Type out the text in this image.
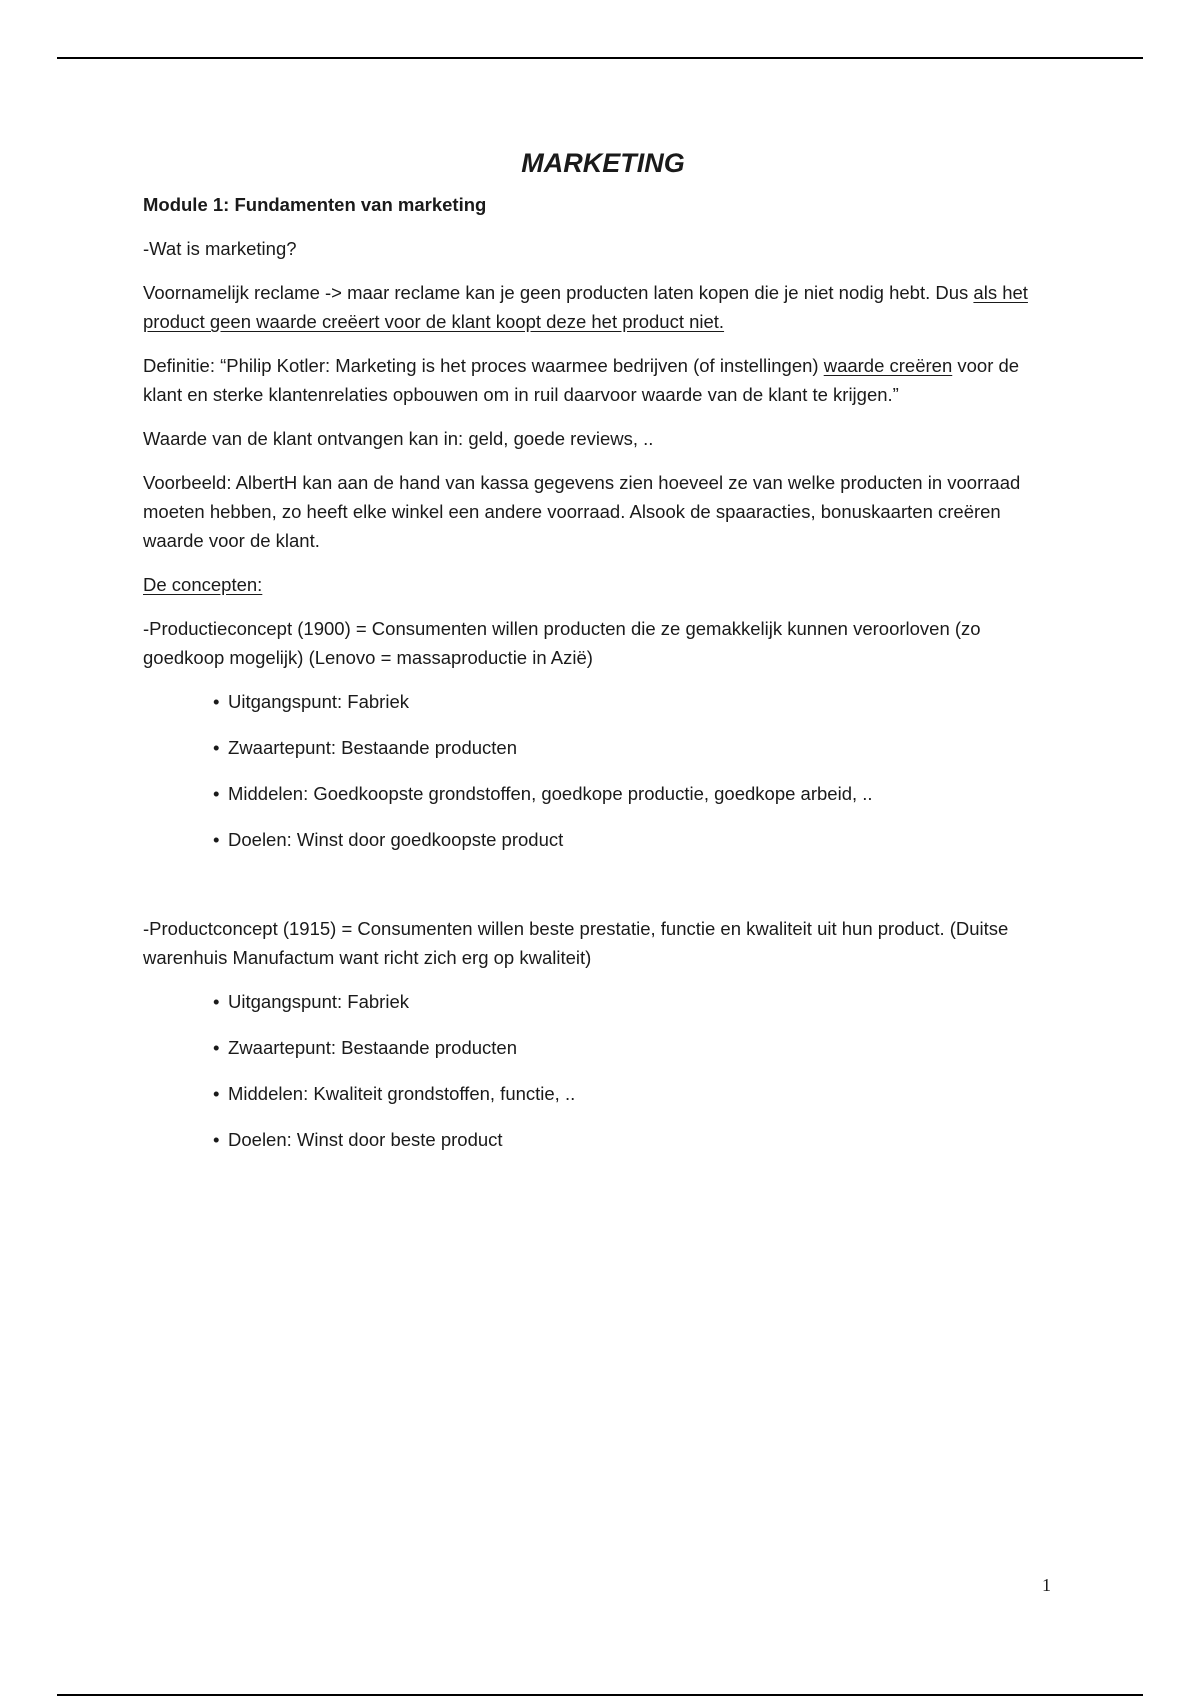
MARKETING
Module 1: Fundamenten van marketing
-Wat is marketing?
Voornamelijk reclame -> maar reclame kan je geen producten laten kopen die je niet nodig hebt. Dus als het product geen waarde creëert voor de klant koopt deze het product niet.
Definitie: “Philip Kotler: Marketing is het proces waarmee bedrijven (of instellingen) waarde creëren voor de klant en sterke klantenrelaties opbouwen om in ruil daarvoor waarde van de klant te krijgen.”
Waarde van de klant ontvangen kan in: geld, goede reviews, ..
Voorbeeld: AlbertH kan aan de hand van kassa gegevens zien hoeveel ze van welke producten in voorraad moeten hebben, zo heeft elke winkel een andere voorraad. Alsook de spaaracties, bonuskaarten creëren waarde voor de klant.
De concepten:
-Productieconcept (1900) = Consumenten willen producten die ze gemakkelijk kunnen veroorloven (zo goedkoop mogelijk) (Lenovo = massaproductie in Azië)
• Uitgangspunt: Fabriek
• Zwaartepunt: Bestaande producten
• Middelen: Goedkoopste grondstoffen, goedkope productie, goedkope arbeid, ..
• Doelen: Winst door goedkoopste product
-Productconcept (1915) = Consumenten willen beste prestatie, functie en kwaliteit uit hun product. (Duitse warenhuis Manufactum want richt zich erg op kwaliteit)
• Uitgangspunt: Fabriek
• Zwaartepunt: Bestaande producten
• Middelen: Kwaliteit grondstoffen, functie, ..
• Doelen: Winst door beste product
1
